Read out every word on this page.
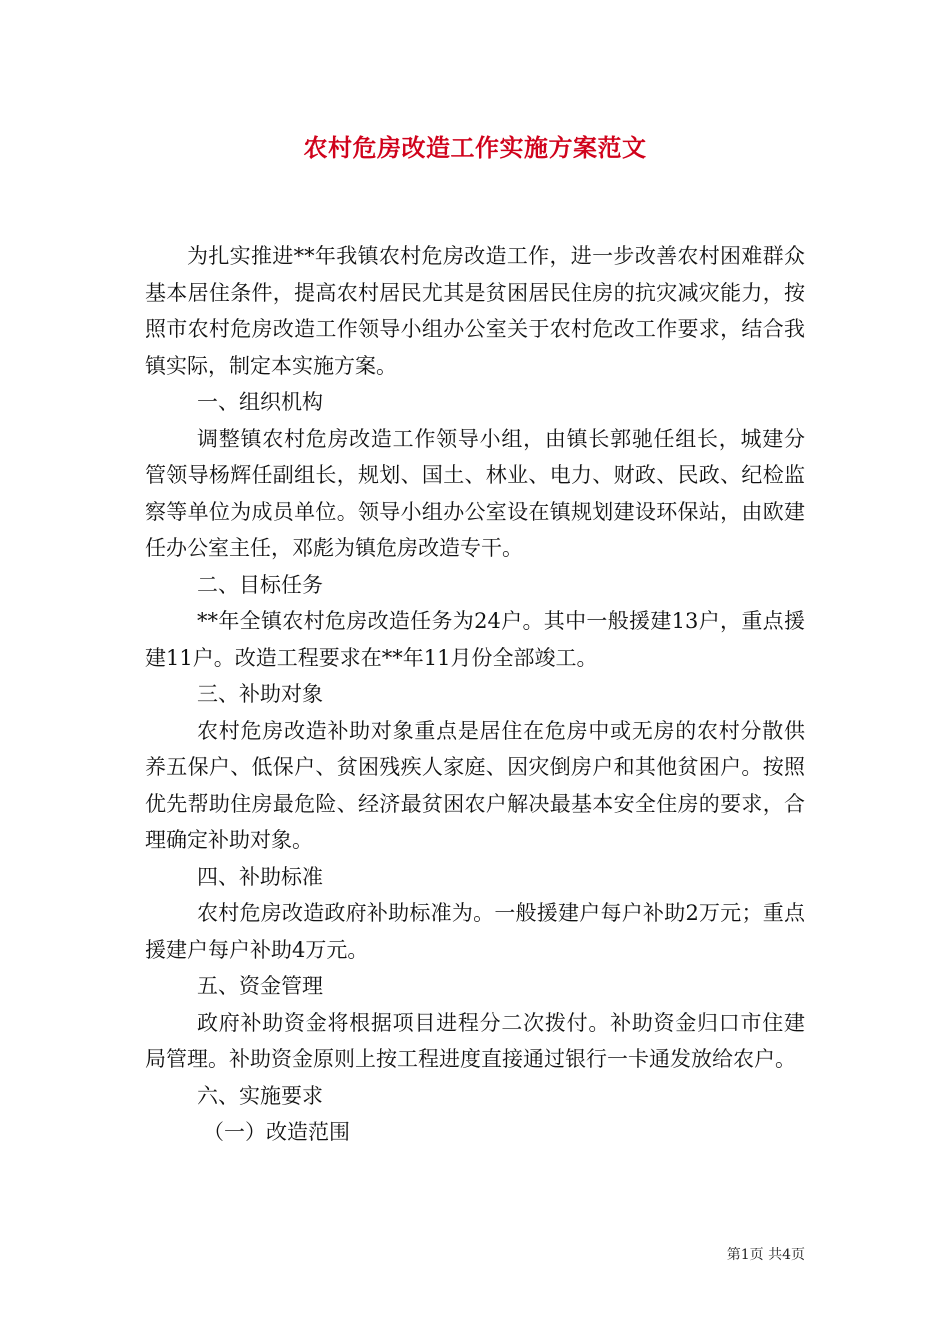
农村危房改造工作实施方案范文

为扎实推进**年我镇农村危房改造工作，进一步改善农村困难群众基本居住条件，提高农村居民尤其是贫困居民住房的抗灾减灾能力，按照市农村危房改造工作领导小组办公室关于农村危改工作要求，结合我镇实际，制定本实施方案。

一、组织机构

调整镇农村危房改造工作领导小组，由镇长郭驰任组长，城建分管领导杨辉任副组长，规划、国土、林业、电力、财政、民政、纪检监察等单位为成员单位。领导小组办公室设在镇规划建设环保站，由欧建任办公室主任，邓彪为镇危房改造专干。

二、目标任务

**年全镇农村危房改造任务为24户。其中一般援建13户，重点援建11户。改造工程要求在**年11月份全部竣工。

三、补助对象

农村危房改造补助对象重点是居住在危房中或无房的农村分散供养五保户、低保户、贫困残疾人家庭、因灾倒房户和其他贫困户。按照优先帮助住房最危险、经济最贫困农户解决最基本安全住房的要求，合理确定补助对象。

四、补助标准

农村危房改造政府补助标准为。一般援建户每户补助2万元；重点援建户每户补助4万元。

五、资金管理

政府补助资金将根据项目进程分二次拨付。补助资金归口市住建局管理。补助资金原则上按工程进度直接通过银行一卡通发放给农户。

六、实施要求

（一）改造范围

第1页 共4页
